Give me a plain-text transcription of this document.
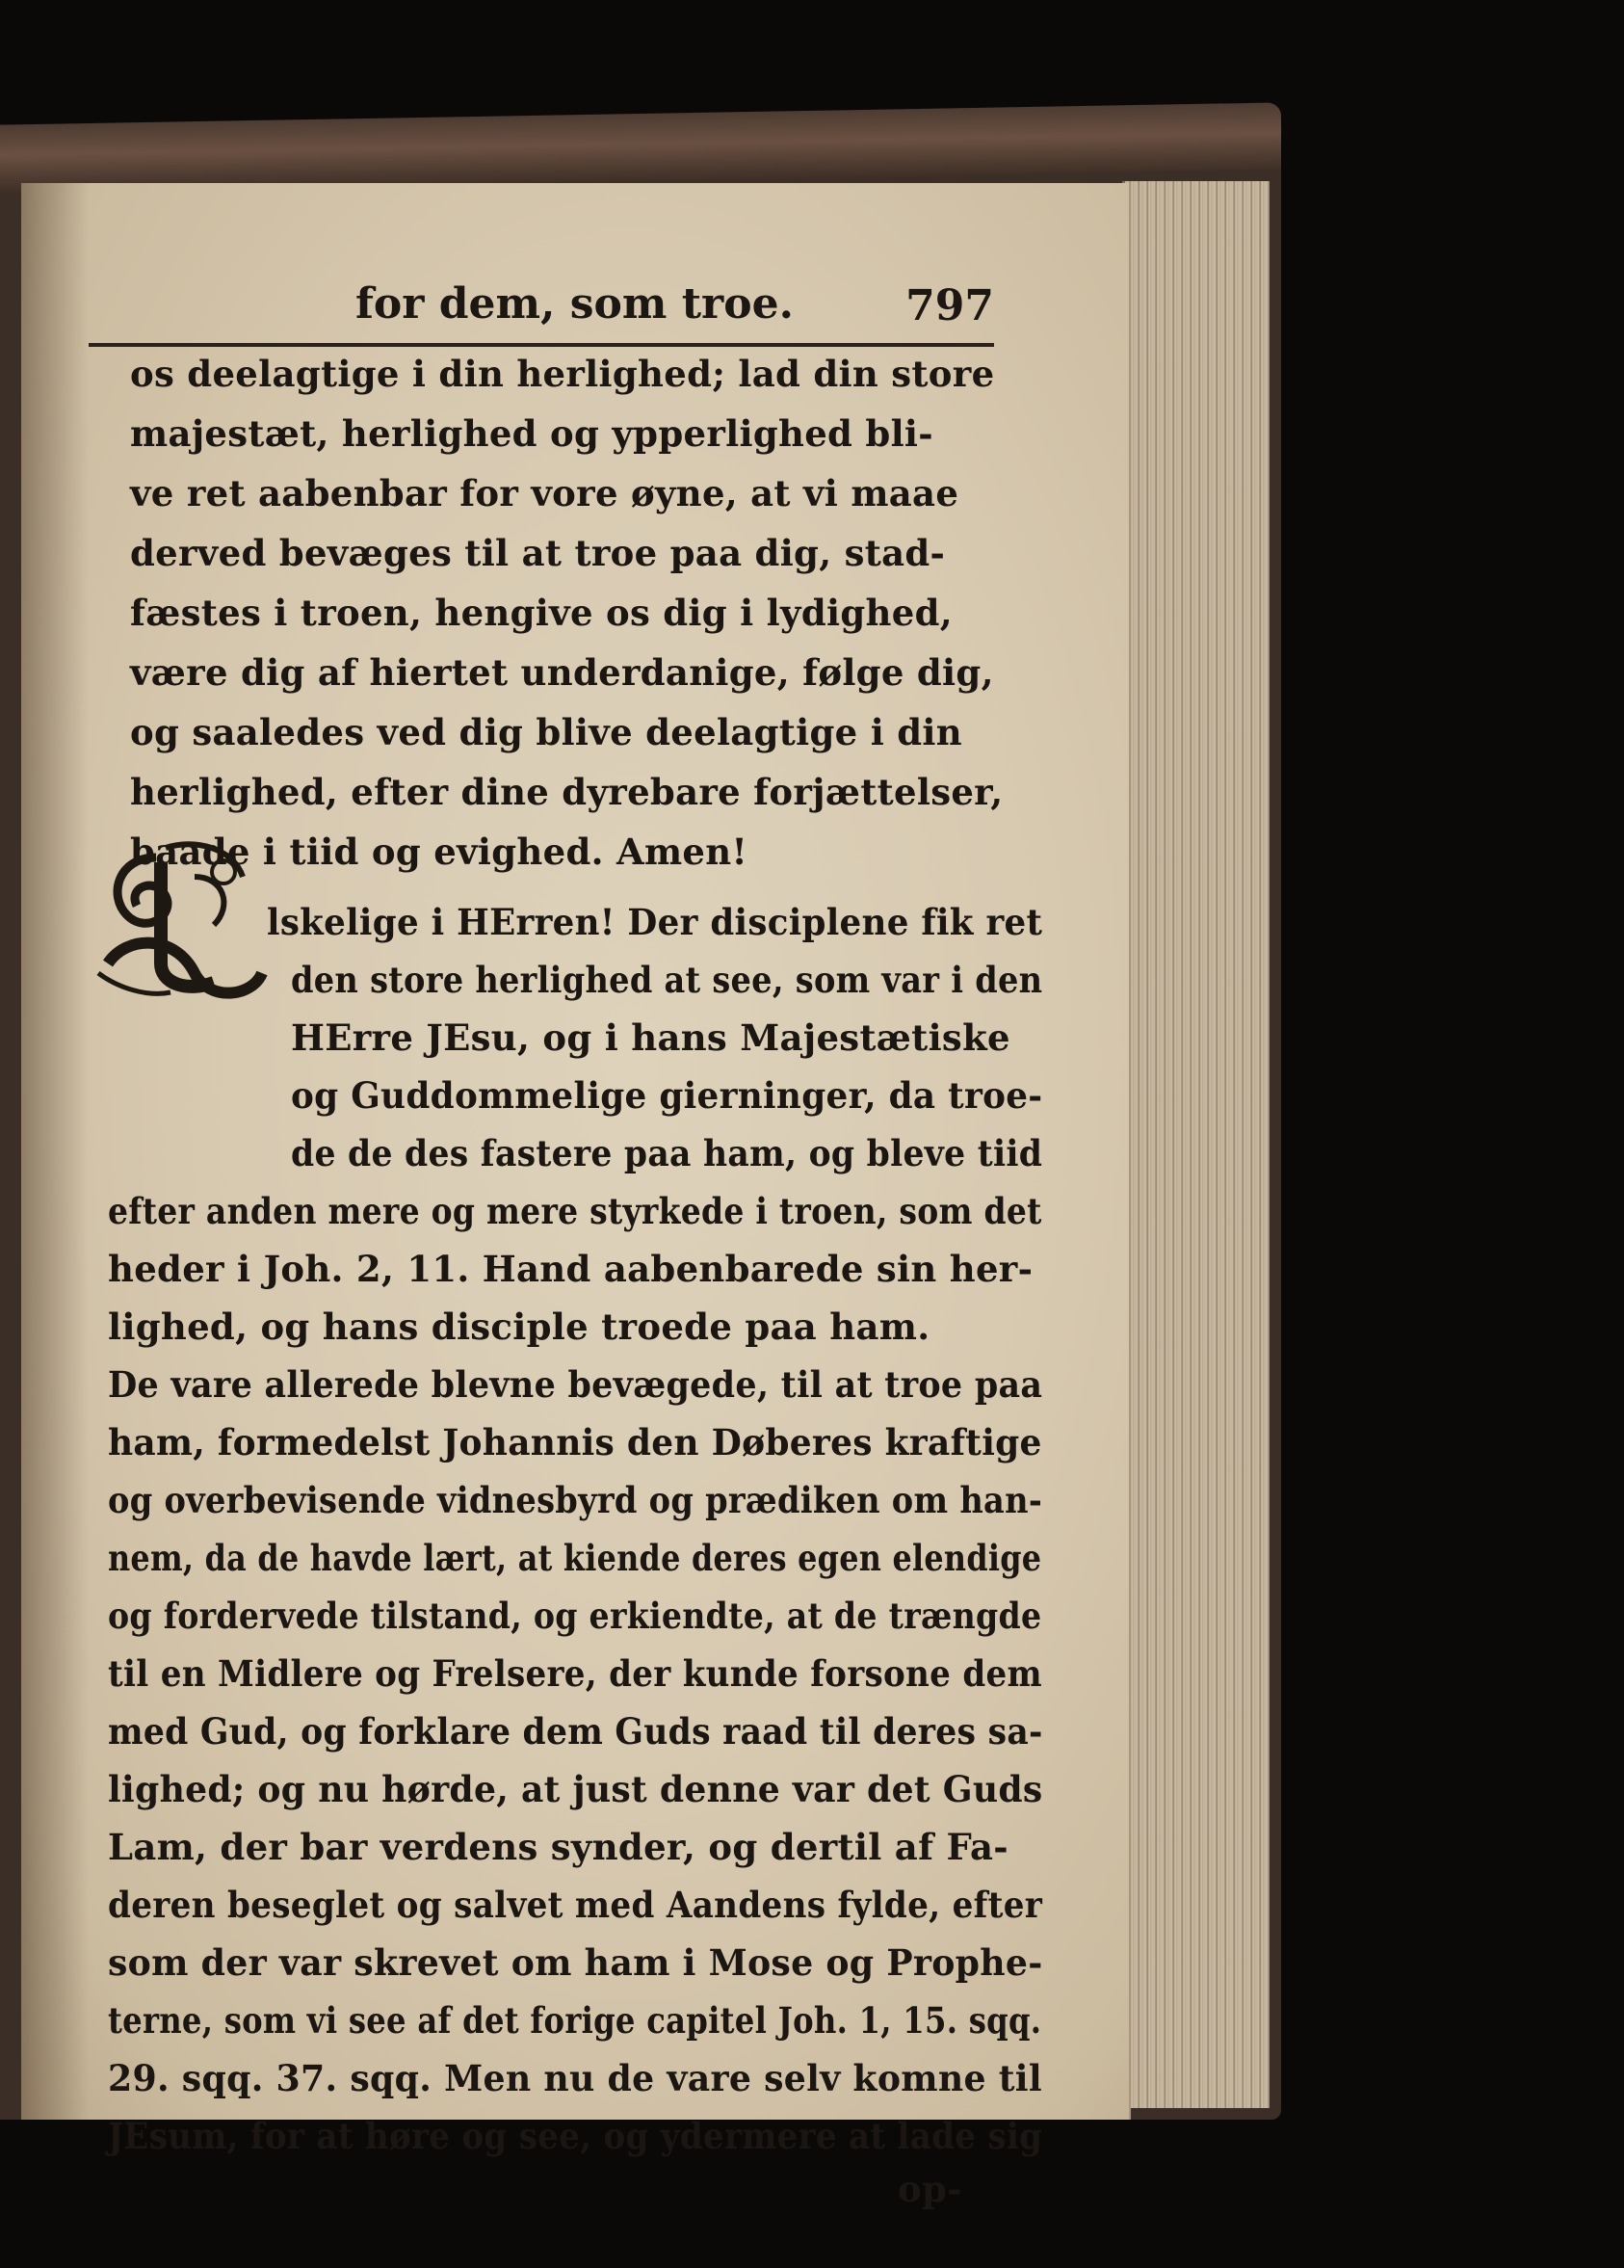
for dem, som troe.	797
os deelagtige i din herlighed; lad din store
majestæt, herlighed og ypperlighed bli-
ve ret aabenbar for vore øyne, at vi maae
derved bevæges til at troe paa dig, stad-
fæstes i troen, hengive os dig i lydighed,
være dig af hiertet underdanige, følge dig,
og saaledes ved dig blive deelagtige i din
herlighed, efter dine dyrebare forjættelser,
baade i tiid og evighed. Amen!
lskelige i HErren! Der disciplene fik ret
den store herlighed at see, som var i den
HErre JEsu, og i hans Majestætiske
og Guddommelige gierninger, da troe-
de de des fastere paa ham, og bleve tiid
efter anden mere og mere styrkede i troen, som det
heder i Joh. 2, 11. Hand aabenbarede sin her-
lighed, og hans disciple troede paa ham.
De vare allerede blevne bevægede, til at troe paa
ham, formedelst Johannis den Døberes kraftige
og overbevisende vidnesbyrd og prædiken om han-
nem, da de havde lært, at kiende deres egen elendige
og fordervede tilstand, og erkiendte, at de trængde
til en Midlere og Frelsere, der kunde forsone dem
med Gud, og forklare dem Guds raad til deres sa-
lighed; og nu hørde, at just denne var det Guds
Lam, der bar verdens synder, og dertil af Fa-
deren beseglet og salvet med Aandens fylde, efter
som der var skrevet om ham i Mose og Prophe-
terne, som vi see af det forige capitel Joh. 1, 15. sqq.
29. sqq. 37. sqq. Men nu de vare selv komne til
JEsum, for at høre og see, og ydermere at lade sig
op-
